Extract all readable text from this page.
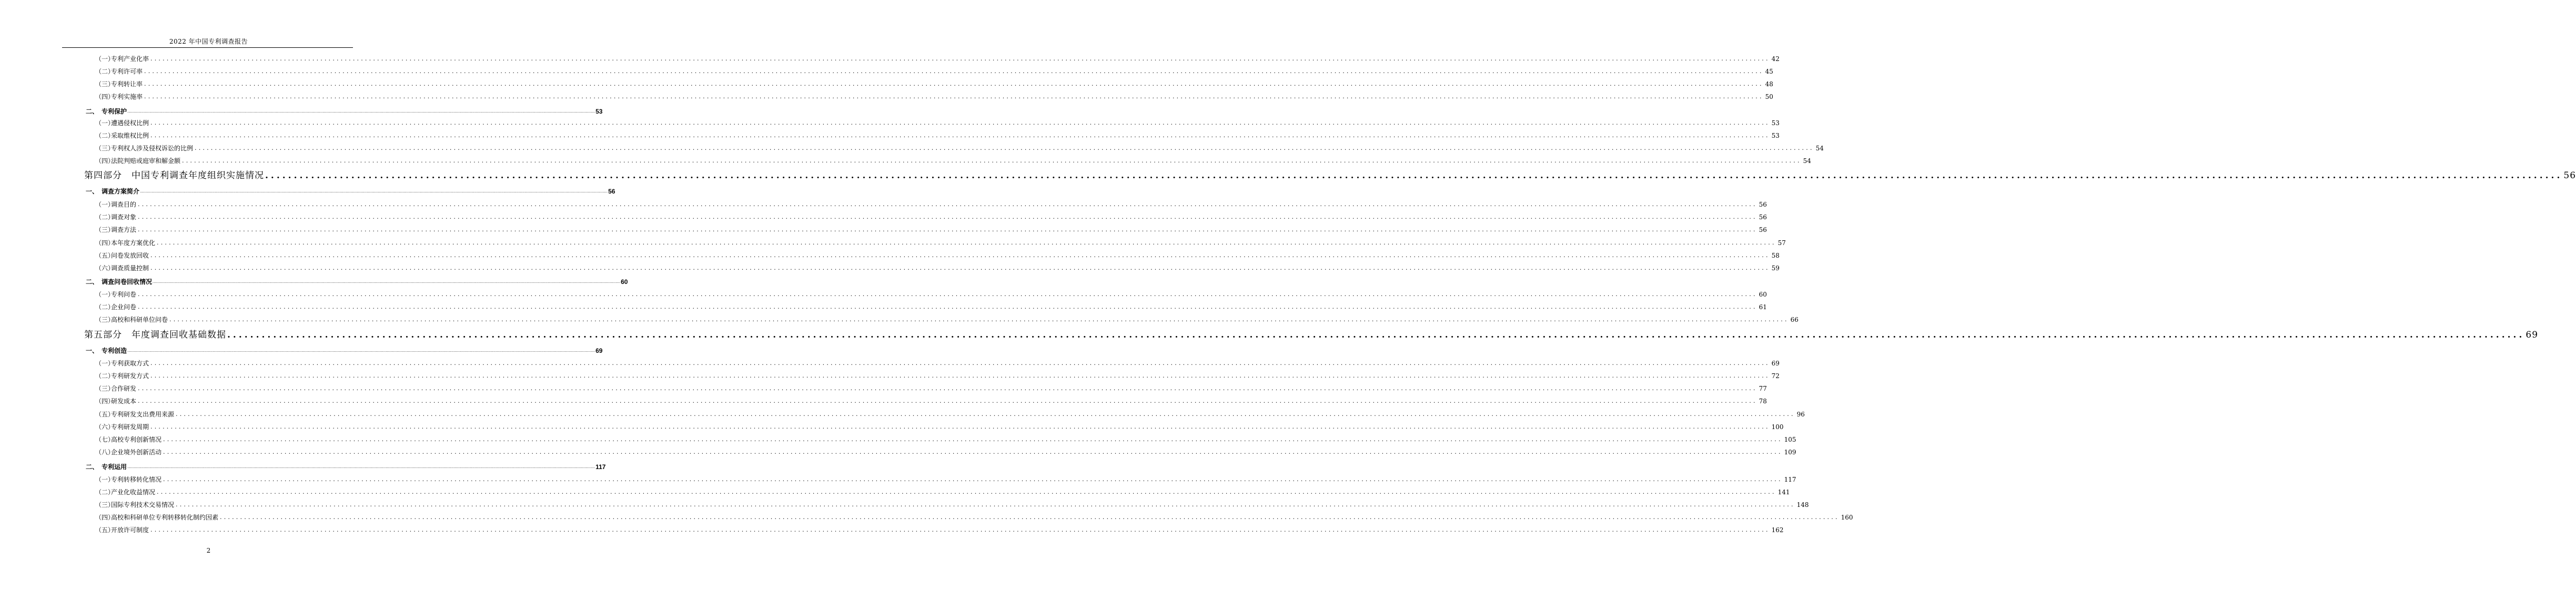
2022 年中国专利调查报告
（一）
专利产业化率 ................................................................................................................................................................................................................................................................................................................................................................................................................ 42
（二）
专利许可率 ................................................................................................................................................................................................................................................................................................................................................................................................................ 45
（三）
专利转让率 ................................................................................................................................................................................................................................................................................................................................................................................................................ 48
（四）
专利实施率 ................................................................................................................................................................................................................................................................................................................................................................................................................ 50
二、 专利保护 ................................................................................................................................................................................................................................................................................................................................................................................................................ 53
（一）
遭遇侵权比例 ................................................................................................................................................................................................................................................................................................................................................................................................................ 53
（二）
采取维权比例 ................................................................................................................................................................................................................................................................................................................................................................................................................ 53
（三）
专利权人涉及侵权诉讼的比例 ................................................................................................................................................................................................................................................................................................................................................................................................................ 54
（四）
法院判赔或庭审和解金额 ................................................................................................................................................................................................................................................................................................................................................................................................................ 54
第四部分　中国专利调查年度组织实施情况 ................................................................................................................................................................................................................................................................................................................................................................................................................ 56
一、 调查方案简介 ................................................................................................................................................................................................................................................................................................................................................................................................................ 56
（一）
调查目的 ................................................................................................................................................................................................................................................................................................................................................................................................................ 56
（二）
调查对象 ................................................................................................................................................................................................................................................................................................................................................................................................................ 56
（三）
调查方法 ................................................................................................................................................................................................................................................................................................................................................................................................................ 56
（四）
本年度方案优化 ................................................................................................................................................................................................................................................................................................................................................................................................................ 57
（五）
问卷发放回收 ................................................................................................................................................................................................................................................................................................................................................................................................................ 58
（六）
调查质量控制 ................................................................................................................................................................................................................................................................................................................................................................................................................ 59
二、 调查问卷回收情况 ................................................................................................................................................................................................................................................................................................................................................................................................................ 60
（一）
专利问卷 ................................................................................................................................................................................................................................................................................................................................................................................................................ 60
（二）
企业问卷 ................................................................................................................................................................................................................................................................................................................................................................................................................ 61
（三）
高校和科研单位问卷 ................................................................................................................................................................................................................................................................................................................................................................................................................ 66
第五部分　年度调查回收基础数据 ................................................................................................................................................................................................................................................................................................................................................................................................................ 69
一、 专利创造 ................................................................................................................................................................................................................................................................................................................................................................................................................ 69
（一）
专利获取方式 ................................................................................................................................................................................................................................................................................................................................................................................................................ 69
（二）
专利研发方式 ................................................................................................................................................................................................................................................................................................................................................................................................................ 72
（三）
合作研发 ................................................................................................................................................................................................................................................................................................................................................................................................................ 77
（四）
研发成本 ................................................................................................................................................................................................................................................................................................................................................................................................................ 78
（五）
专利研发支出费用来源 ................................................................................................................................................................................................................................................................................................................................................................................................................ 96
（六）
专利研发周期 ................................................................................................................................................................................................................................................................................................................................................................................................................ 100
（七）
高校专利创新情况 ................................................................................................................................................................................................................................................................................................................................................................................................................ 105
（八）
企业境外创新活动 ................................................................................................................................................................................................................................................................................................................................................................................................................ 109
二、 专利运用 ................................................................................................................................................................................................................................................................................................................................................................................................................ 117
（一）
专利转移转化情况 ................................................................................................................................................................................................................................................................................................................................................................................................................ 117
（二）
产业化收益情况 ................................................................................................................................................................................................................................................................................................................................................................................................................ 141
（三）
国际专利技术交易情况 ................................................................................................................................................................................................................................................................................................................................................................................................................ 148
（四）
高校和科研单位专利转移转化制约因素 ................................................................................................................................................................................................................................................................................................................................................................................................................ 160
（五）
开放许可制度 ................................................................................................................................................................................................................................................................................................................................................................................................................ 162
2
